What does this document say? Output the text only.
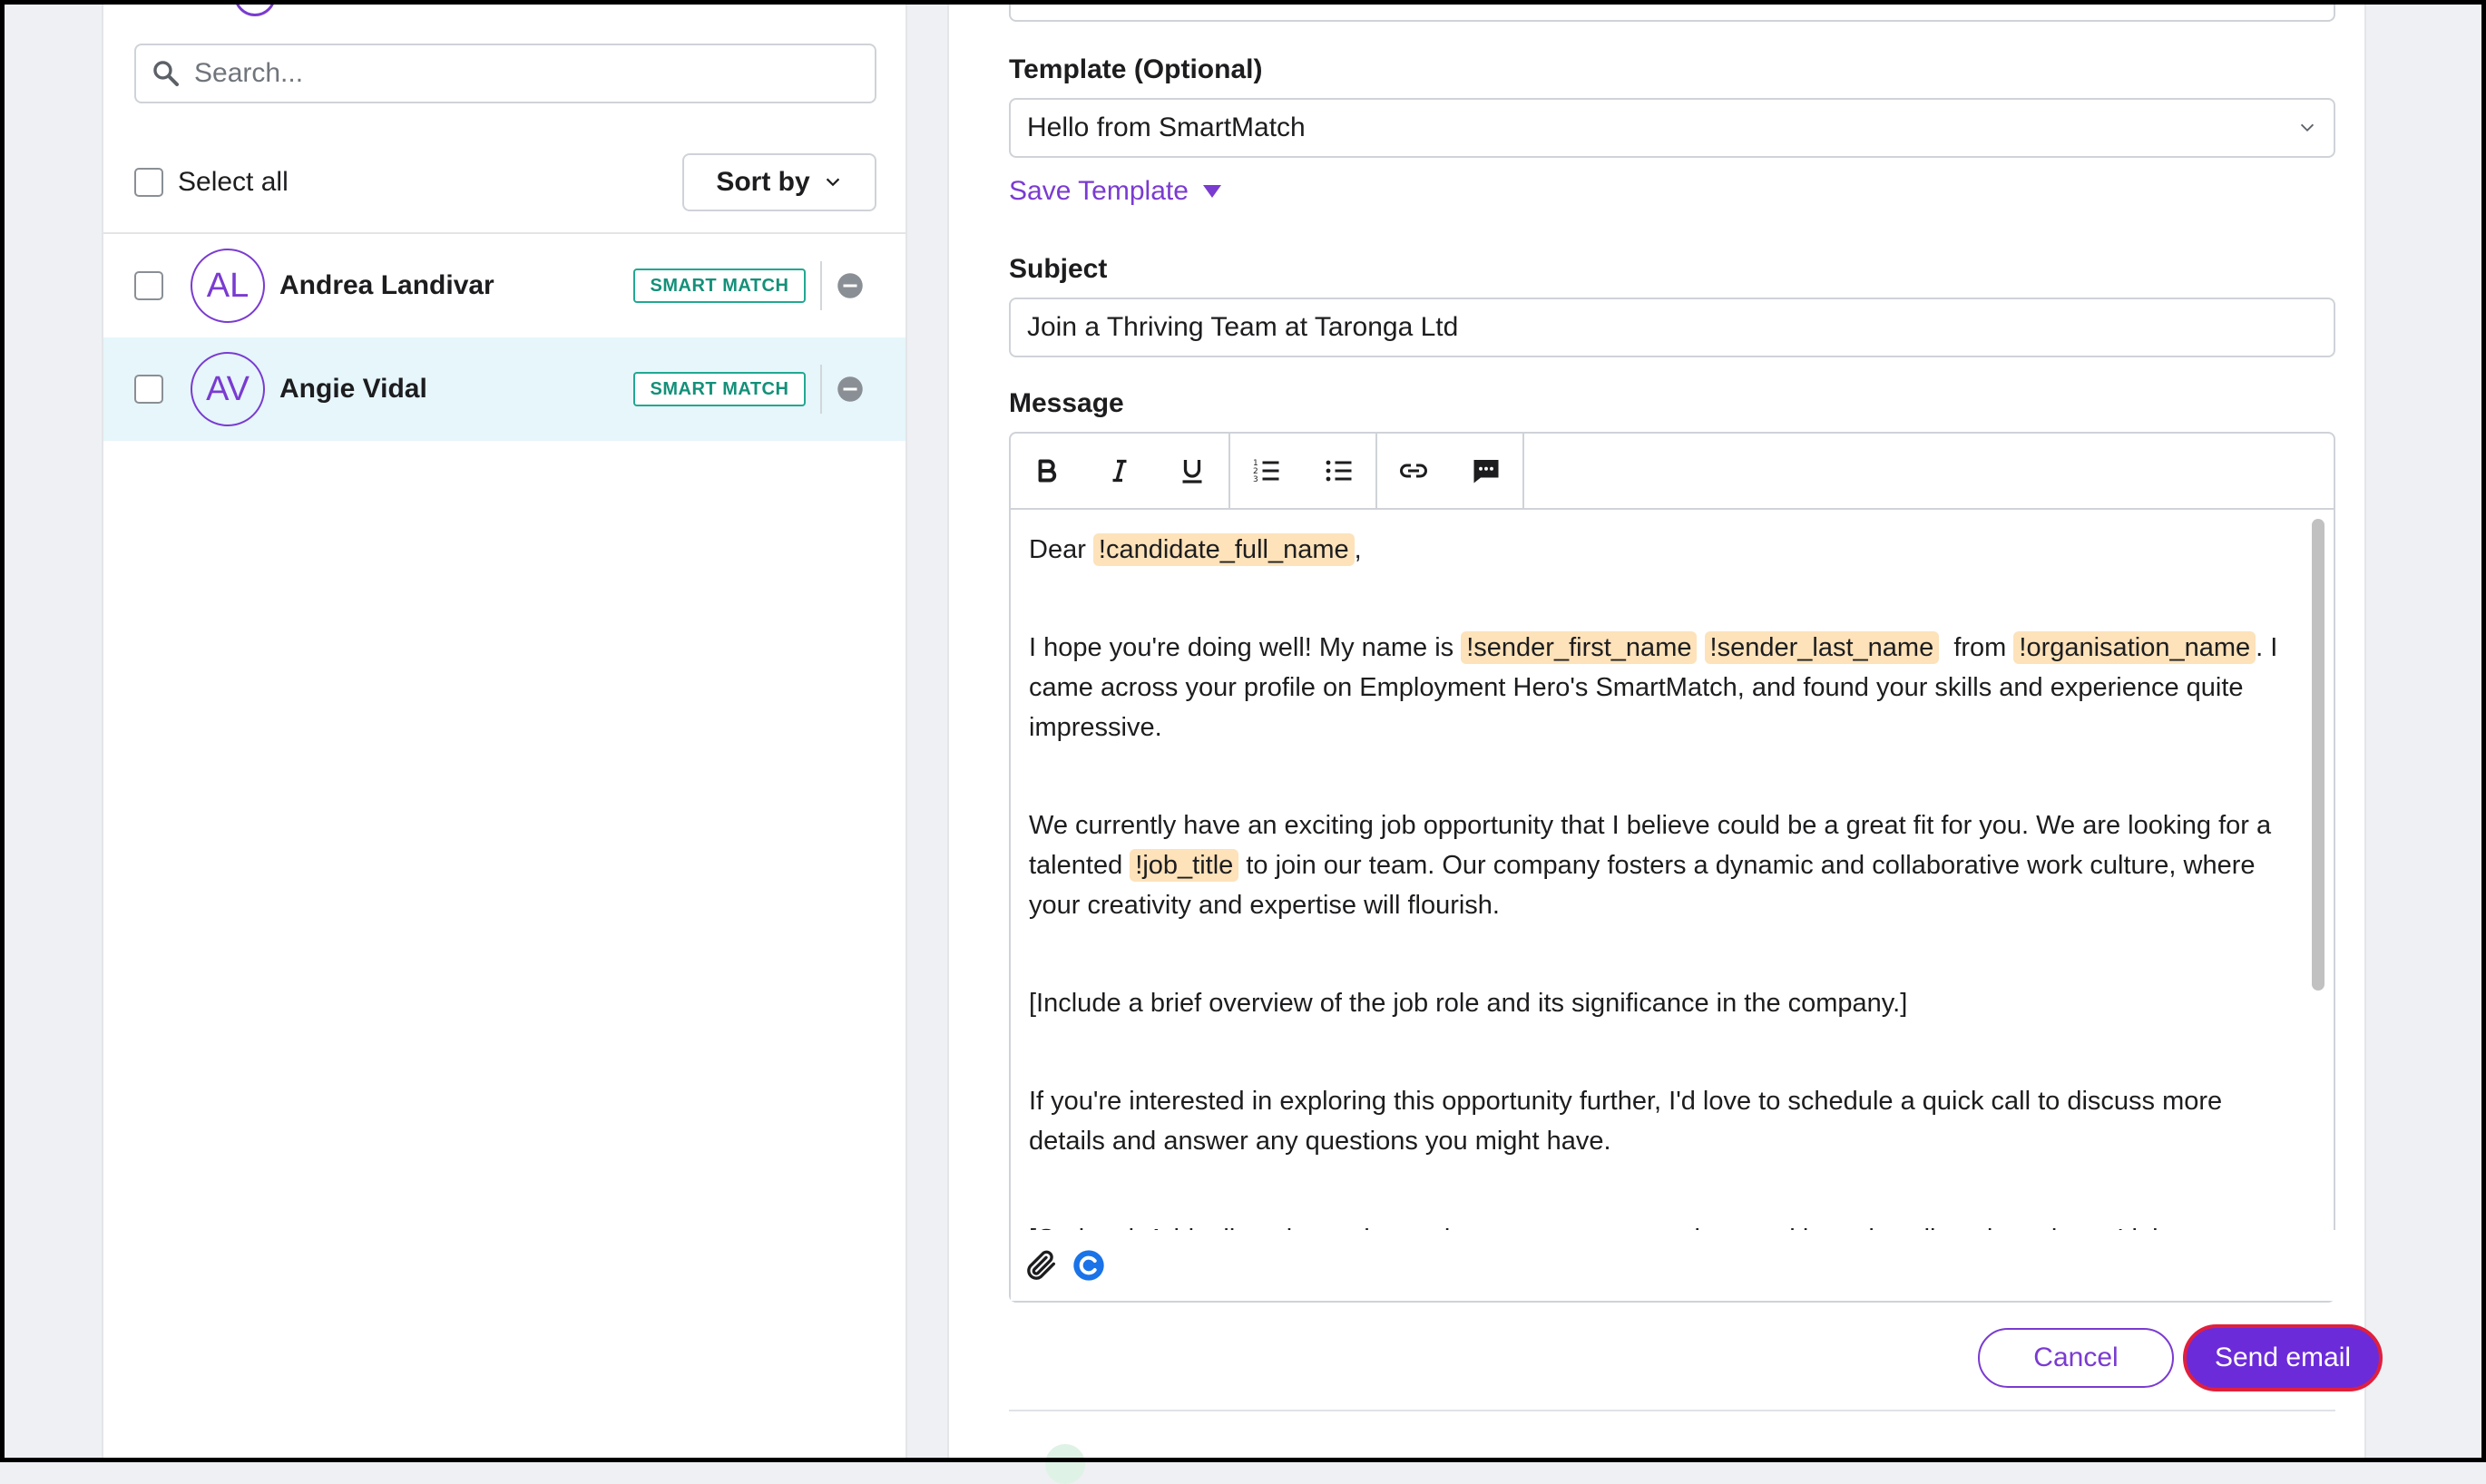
Search...
Select all	Sort by
AL	Andrea Landivar	SMART MATCH
AV	Angie Vidal	SMART MATCH
Template (Optional)
Hello from SmartMatch
Save Template
Subject
Join a Thriving Team at Taronga Ltd
Message
1
2
3

Dear !candidate_full_name ,

I hope you're doing well! My name is !sender_first_name !sender_last_name from !organisation_name . I came across your profile on Employment Hero's SmartMatch, and found your skills and experience quite impressive.

We currently have an exciting job opportunity that I believe could be a great fit for you. We are looking for a talented !job_title to join our team. Our company fosters a dynamic and collaborative work culture, where your creativity and expertise will flourish.

[Include a brief overview of the job role and its significance in the company.]

If you're interested in exploring this opportunity further, I'd love to schedule a quick call to discuss more details and answer any questions you might have.

Cancel	Send email
